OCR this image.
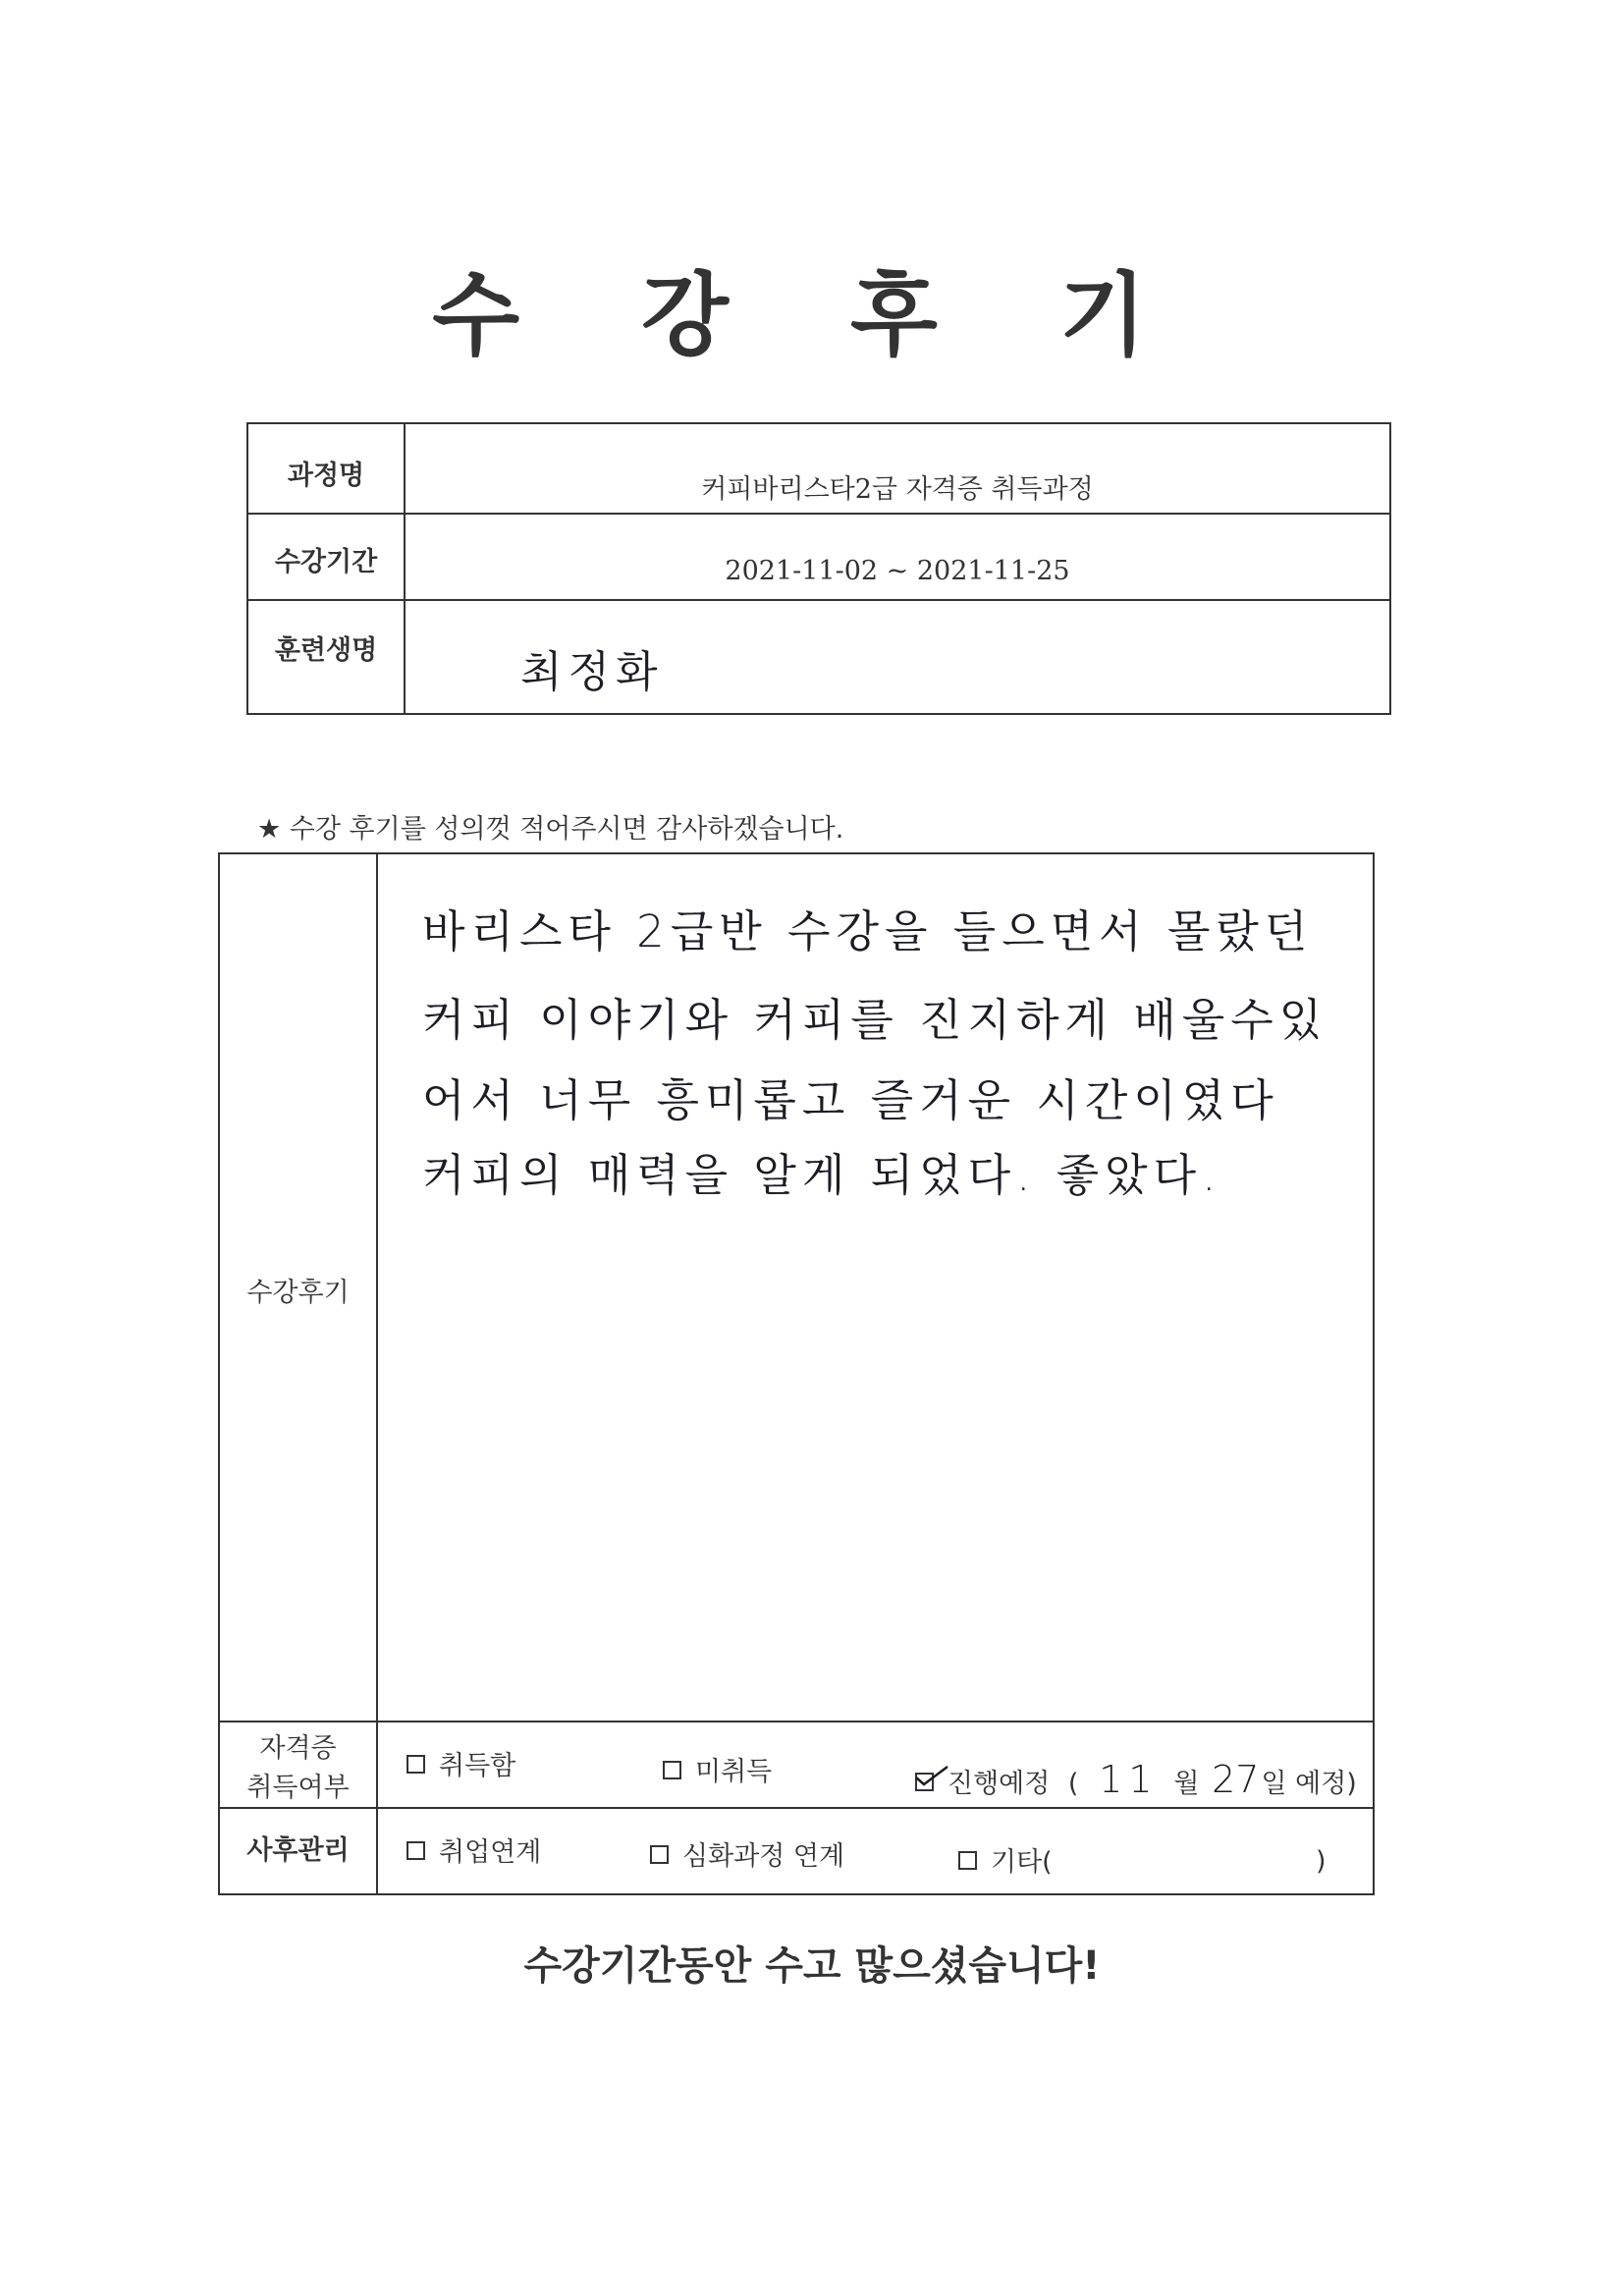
수 강 후 기
과정명	커피바리스타2급 자격증 취득과정
수강기간	2021-11-02 ~ 2021-11-25
훈련생명	최정화
★ 수강 후기를 성의껏 적어주시면 감사하겠습니다.
수강후기
바리스타 2급반 수강을 들으면서 몰랐던
커피 이야기와 커피를 진지하게 배울수있
어서 너무 흥미롭고 즐거운 시간이였다
커피의 매력을 알게 되었다. 좋았다.
자격증
취득여부
취득함	미취득	진행예정 ( 11 월 27일 예정)
사후관리	취업연계	심화과정 연계	기타(	)
수강기간동안 수고 많으셨습니다!
